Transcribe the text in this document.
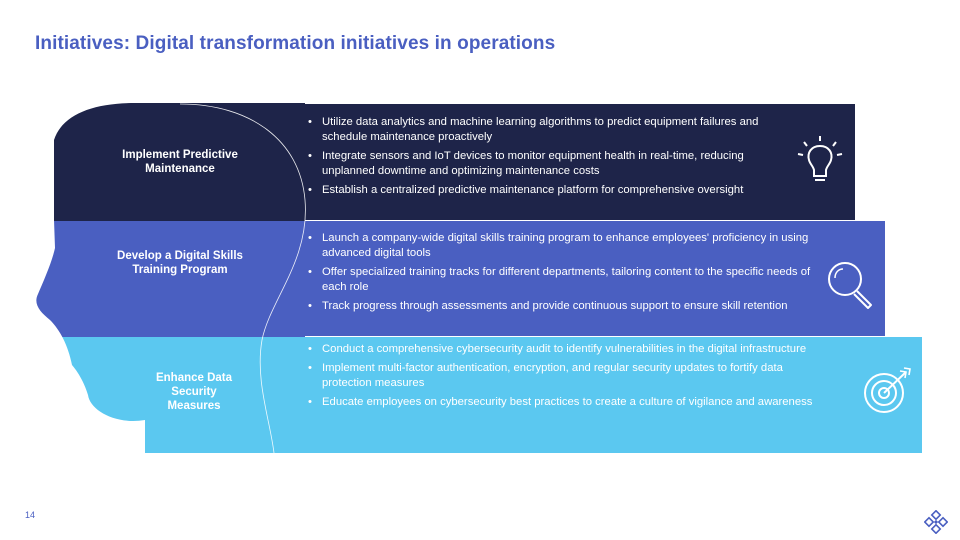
Initiatives: Digital transformation initiatives in operations
Implement Predictive Maintenance
• Utilize data analytics and machine learning algorithms to predict equipment failures and schedule maintenance proactively
• Integrate sensors and IoT devices to monitor equipment health in real-time, reducing unplanned downtime and optimizing maintenance costs
• Establish a centralized predictive maintenance platform for comprehensive oversight
Develop a Digital Skills Training Program
• Launch a company-wide digital skills training program to enhance employees' proficiency in using advanced digital tools
• Offer specialized training tracks for different departments, tailoring content to the specific needs of each role
• Track progress through assessments and provide continuous support to ensure skill retention
Enhance Data Security Measures
• Conduct a comprehensive cybersecurity audit to identify vulnerabilities in the digital infrastructure
• Implement multi-factor authentication, encryption, and regular security updates to fortify data protection measures
• Educate employees on cybersecurity best practices to create a culture of vigilance and awareness
14
